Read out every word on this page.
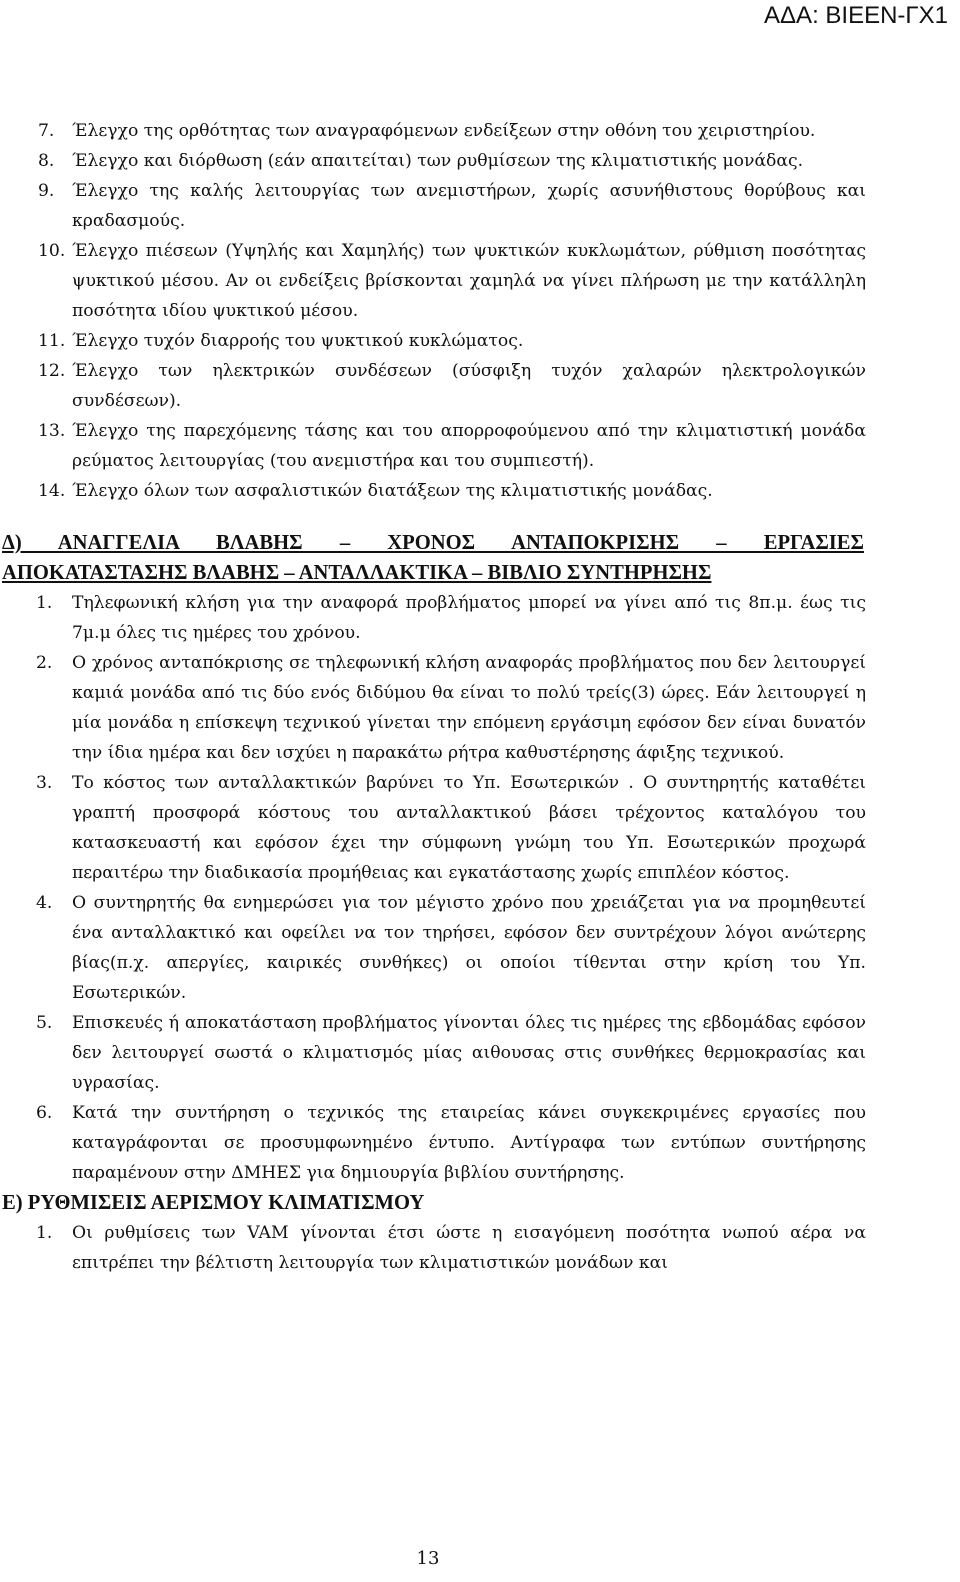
ΑΔΑ: ΒΙΕΕΝ-ΓΧ1
7. Έλεγχο της ορθότητας των αναγραφόμενων ενδείξεων στην οθόνη του χειριστηρίου.
8. Έλεγχο και διόρθωση (εάν απαιτείται) των ρυθμίσεων της κλιματιστικής μονάδας.
9. Έλεγχο της καλής λειτουργίας των ανεμιστήρων, χωρίς ασυνήθιστους θορύβους και κραδασμούς.
10. Έλεγχο πιέσεων (Υψηλής και Χαμηλής) των ψυκτικών κυκλωμάτων, ρύθμιση ποσότητας ψυκτικού μέσου. Αν οι ενδείξεις βρίσκονται χαμηλά να γίνει πλήρωση με την κατάλληλη ποσότητα ιδίου ψυκτικού μέσου.
11. Έλεγχο τυχόν διαρροής του ψυκτικού κυκλώματος.
12. Έλεγχο των ηλεκτρικών συνδέσεων (σύσφιξη τυχόν χαλαρών ηλεκτρολογικών συνδέσεων).
13. Έλεγχο της παρεχόμενης τάσης και του απορροφούμενου από την κλιματιστική μονάδα ρεύματος λειτουργίας (του ανεμιστήρα και του συμπιεστή).
14. Έλεγχο όλων των ασφαλιστικών διατάξεων της κλιματιστικής μονάδας.
Δ) ΑΝΑΓΓΕΛΙΑ ΒΛΑΒΗΣ – ΧΡΟΝΟΣ ΑΝΤΑΠΟΚΡΙΣΗΣ – ΕΡΓΑΣΙΕΣ
ΑΠΟΚΑΤΑΣΤΑΣΗΣ ΒΛΑΒΗΣ – ΑΝΤΑΛΛΑΚΤΙΚΑ – ΒΙΒΛΙΟ ΣΥΝΤΗΡΗΣΗΣ
1. Τηλεφωνική κλήση για την αναφορά προβλήματος μπορεί να γίνει από τις 8π.μ. έως τις 7μ.μ όλες τις ημέρες του χρόνου.
2. Ο χρόνος ανταπόκρισης σε τηλεφωνική κλήση αναφοράς προβλήματος που δεν λειτουργεί καμιά μονάδα από τις δύο ενός διδύμου θα είναι το πολύ τρείς(3) ώρες. Εάν λειτουργεί η μία μονάδα η επίσκεψη τεχνικού γίνεται την επόμενη εργάσιμη εφόσον δεν είναι δυνατόν την ίδια ημέρα και δεν ισχύει η παρακάτω ρήτρα καθυστέρησης άφιξης τεχνικού.
3. Το κόστος των ανταλλακτικών βαρύνει το Υπ. Εσωτερικών . Ο συντηρητής καταθέτει γραπτή προσφορά κόστους του ανταλλακτικού βάσει τρέχοντος καταλόγου του κατασκευαστή και εφόσον έχει την σύμφωνη γνώμη του Υπ. Εσωτερικών προχωρά περαιτέρω την διαδικασία προμήθειας και εγκατάστασης χωρίς επιπλέον κόστος.
4. Ο συντηρητής θα ενημερώσει για τον μέγιστο χρόνο που χρειάζεται για να προμηθευτεί ένα ανταλλακτικό και οφείλει να τον τηρήσει, εφόσον δεν συντρέχουν λόγοι ανώτερης βίας(π.χ. απεργίες, καιρικές συνθήκες) οι οποίοι τίθενται στην κρίση του Υπ. Εσωτερικών.
5. Επισκευές ή αποκατάσταση προβλήματος γίνονται όλες τις ημέρες της εβδομάδας εφόσον δεν λειτουργεί σωστά ο κλιματισμός μίας αιθουσας στις συνθήκες θερμοκρασίας και υγρασίας.
6. Κατά την συντήρηση ο τεχνικός της εταιρείας κάνει συγκεκριμένες εργασίες που καταγράφονται σε προσυμφωνημένο έντυπο. Αντίγραφα των εντύπων συντήρησης παραμένουν στην ΔΜΗΕΣ για δημιουργία βιβλίου συντήρησης.
Ε) ΡΥΘΜΙΣΕΙΣ ΑΕΡΙΣΜΟΥ ΚΛΙΜΑΤΙΣΜΟΥ
1. Οι ρυθμίσεις των VAM γίνονται έτσι ώστε η εισαγόμενη ποσότητα νωπού αέρα να επιτρέπει την βέλτιστη λειτουργία των κλιματιστικών μονάδων και
13
